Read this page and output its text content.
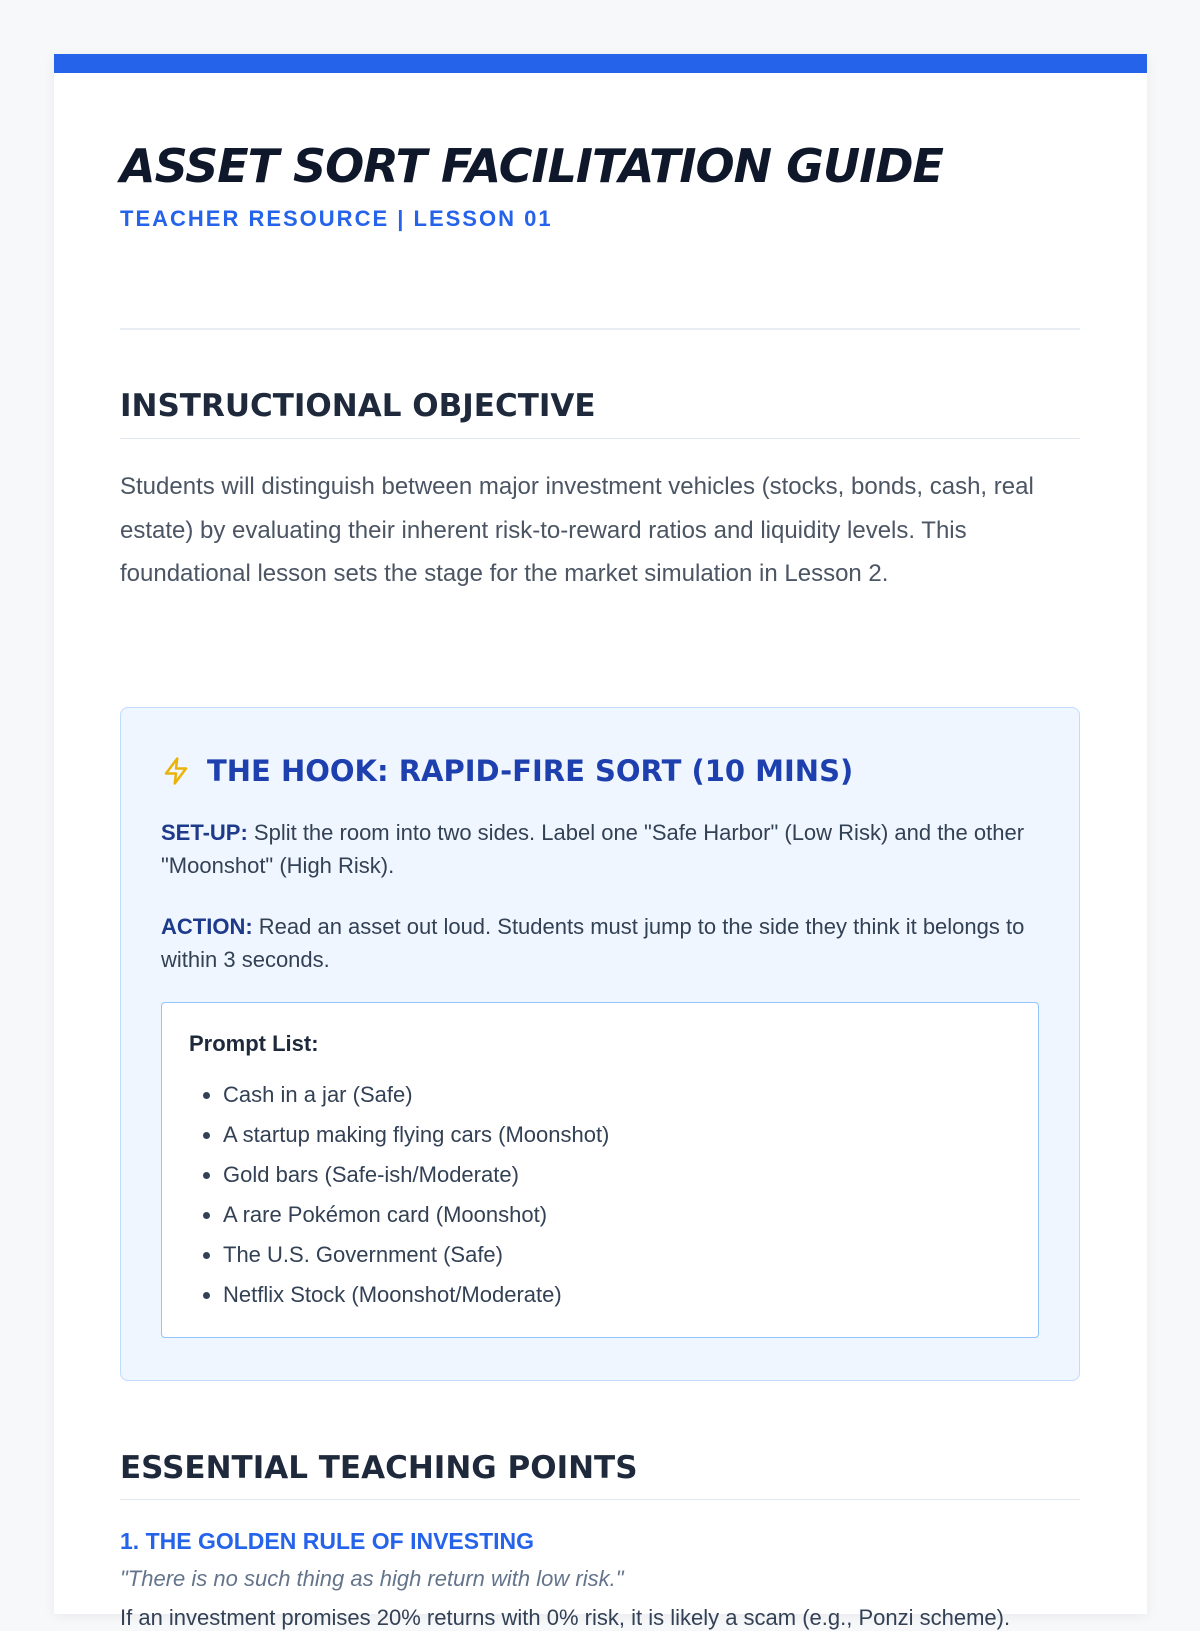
ASSET SORT FACILITATION GUIDE
TEACHER RESOURCE | LESSON 01
INSTRUCTIONAL OBJECTIVE

Students will distinguish between major investment vehicles (stocks, bonds, cash, real estate) by evaluating their inherent risk-to-reward ratios and liquidity levels. This foundational lesson sets the stage for the market simulation in Lesson 2.

THE HOOK: RAPID-FIRE SORT (10 MINS)

SET-UP: Split the room into two sides. Label one "Safe Harbor" (Low Risk) and the other "Moonshot" (High Risk).

ACTION: Read an asset out loud. Students must jump to the side they think it belongs to within 3 seconds.

Prompt List:
• Cash in a jar (Safe)
• A startup making flying cars (Moonshot)
• Gold bars (Safe-ish/Moderate)
• A rare Pokémon card (Moonshot)
• The U.S. Government (Safe)
• Netflix Stock (Moonshot/Moderate)
ESSENTIAL TEACHING POINTS
1. THE GOLDEN RULE OF INVESTING
"There is no such thing as high return with low risk."
If an investment promises 20% returns with 0% risk, it is likely a scam (e.g., Ponzi scheme).
